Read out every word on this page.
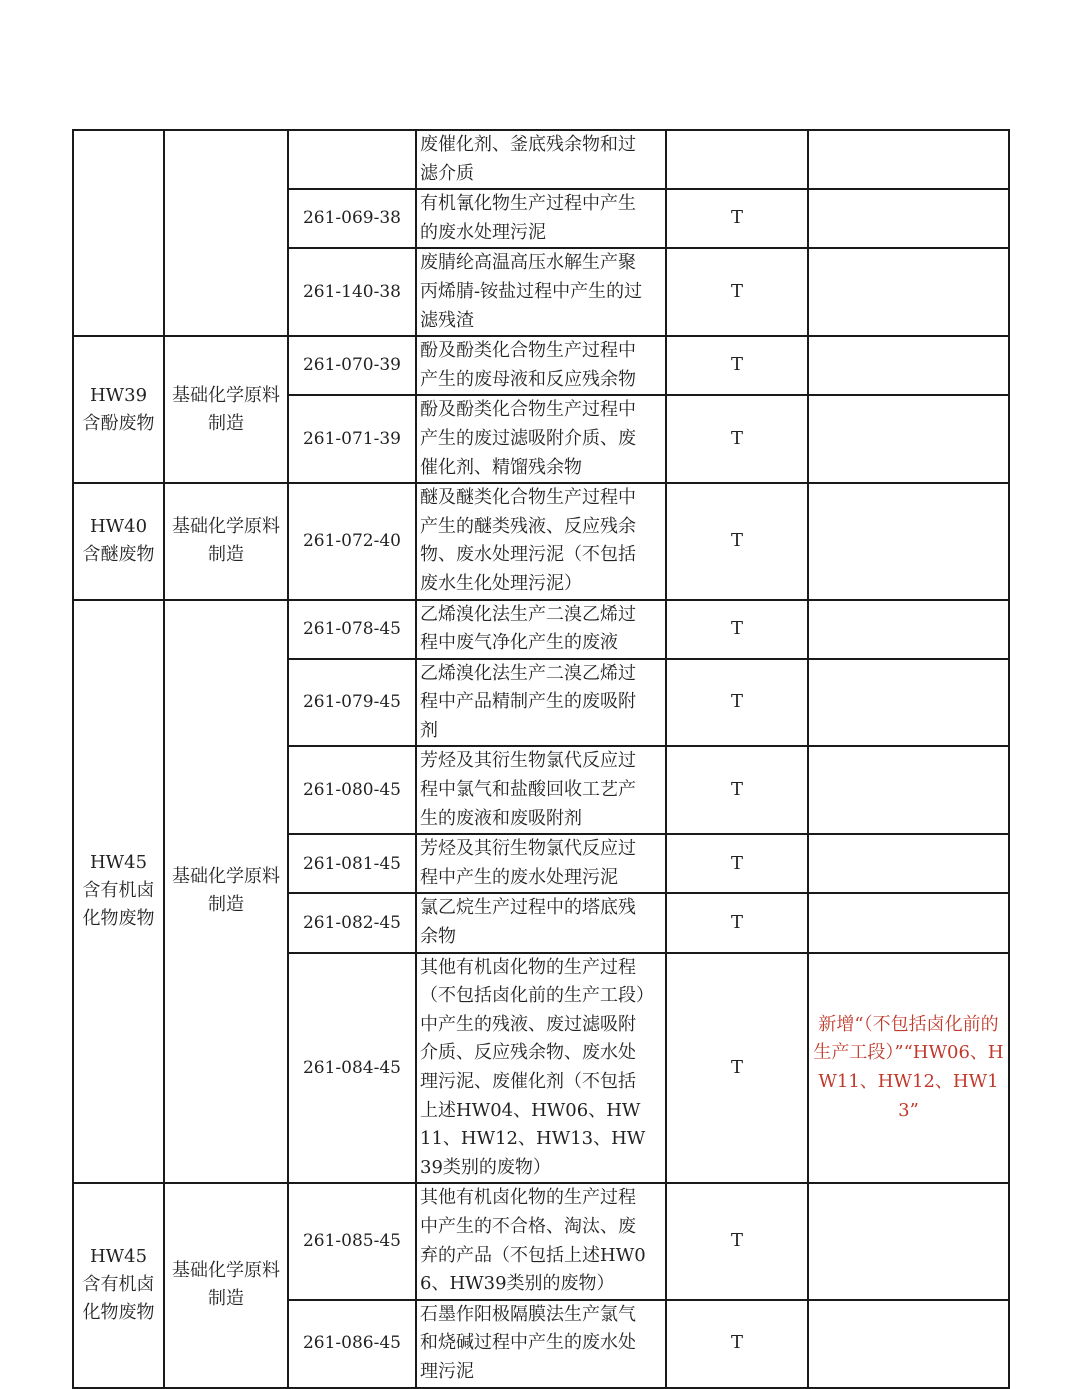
			废催化剂、釜底残余物和过滤介质		
		261-069-38	有机氰化物生产过程中产生的废水处理污泥	T	
		261-140-38	废腈纶高温高压水解生产聚丙烯腈-铵盐过程中产生的过滤残渣	T	

HW39
含酚废物	基础化学原料制造	261-070-39	酚及酚类化合物生产过程中产生的废母液和反应残余物	T	
		261-071-39	酚及酚类化合物生产过程中产生的废过滤吸附介质、废催化剂、精馏残余物	T	

HW40
含醚废物	基础化学原料制造	261-072-40	醚及醚类化合物生产过程中产生的醚类残液、反应残余物、废水处理污泥（不包括废水生化处理污泥）	T	

HW45
含有机卤化物废物	基础化学原料制造	261-078-45	乙烯溴化法生产二溴乙烯过程中废气净化产生的废液	T	
		261-079-45	乙烯溴化法生产二溴乙烯过程中产品精制产生的废吸附剂	T	
		261-080-45	芳烃及其衍生物氯代反应过程中氯气和盐酸回收工艺产生的废液和废吸附剂	T	
		261-081-45	芳烃及其衍生物氯代反应过程中产生的废水处理污泥	T	
		261-082-45	氯乙烷生产过程中的塔底残余物	T	
		261-084-45	其他有机卤化物的生产过程（不包括卤化前的生产工段）中产生的残液、废过滤吸附介质、反应残余物、废水处理污泥、废催化剂（不包括上述HW04、HW06、HW11、HW12、HW13、HW39类别的废物）	T	新增“（不包括卤化前的生产工段）”“HW06、HW11、HW12、HW13”

HW45
含有机卤化物废物	基础化学原料制造	261-085-45	其他有机卤化物的生产过程中产生的不合格、淘汰、废弃的产品（不包括上述HW06、HW39类别的废物）	T	
		261-086-45	石墨作阳极隔膜法生产氯气和烧碱过程中产生的废水处理污泥	T	
